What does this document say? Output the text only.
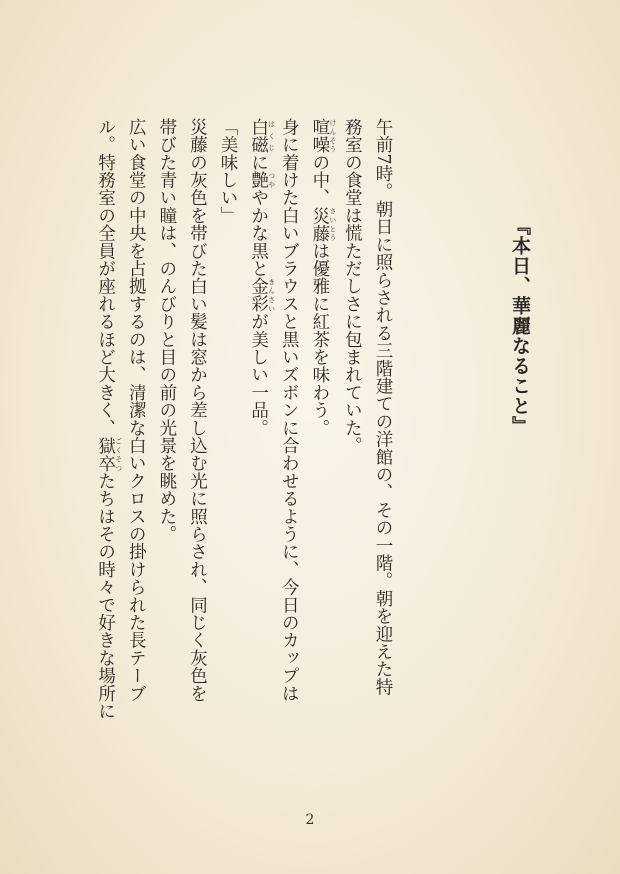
『本日、華麗なること』

午前7時。朝日に照らされる三階建ての洋館の、その一階。朝を迎えた特
務室の食堂は慌ただしさに包まれていた。

喧噪 けんそうの中、災藤 さいとうは優雅に紅茶を味わう。

身に着けた白いブラウスと黒いズボンに合わせるように、今日のカップは
白磁 はくじに艶 つややかな黒と金彩 きんさいが美しい一品。

「美味しい」

災藤の灰色を帯びた白い髪は窓から差し込む光に照らされ、同じく灰色を
帯びた青い瞳は、のんびりと目の前の光景を眺めた。

広い食堂の中央を占拠するのは、清潔な白いクロスの掛けられた長テーブ
ル。特務室の全員が座れるほど大きく、獄卒 ごくそつたちはその時々で好きな場所に

2
